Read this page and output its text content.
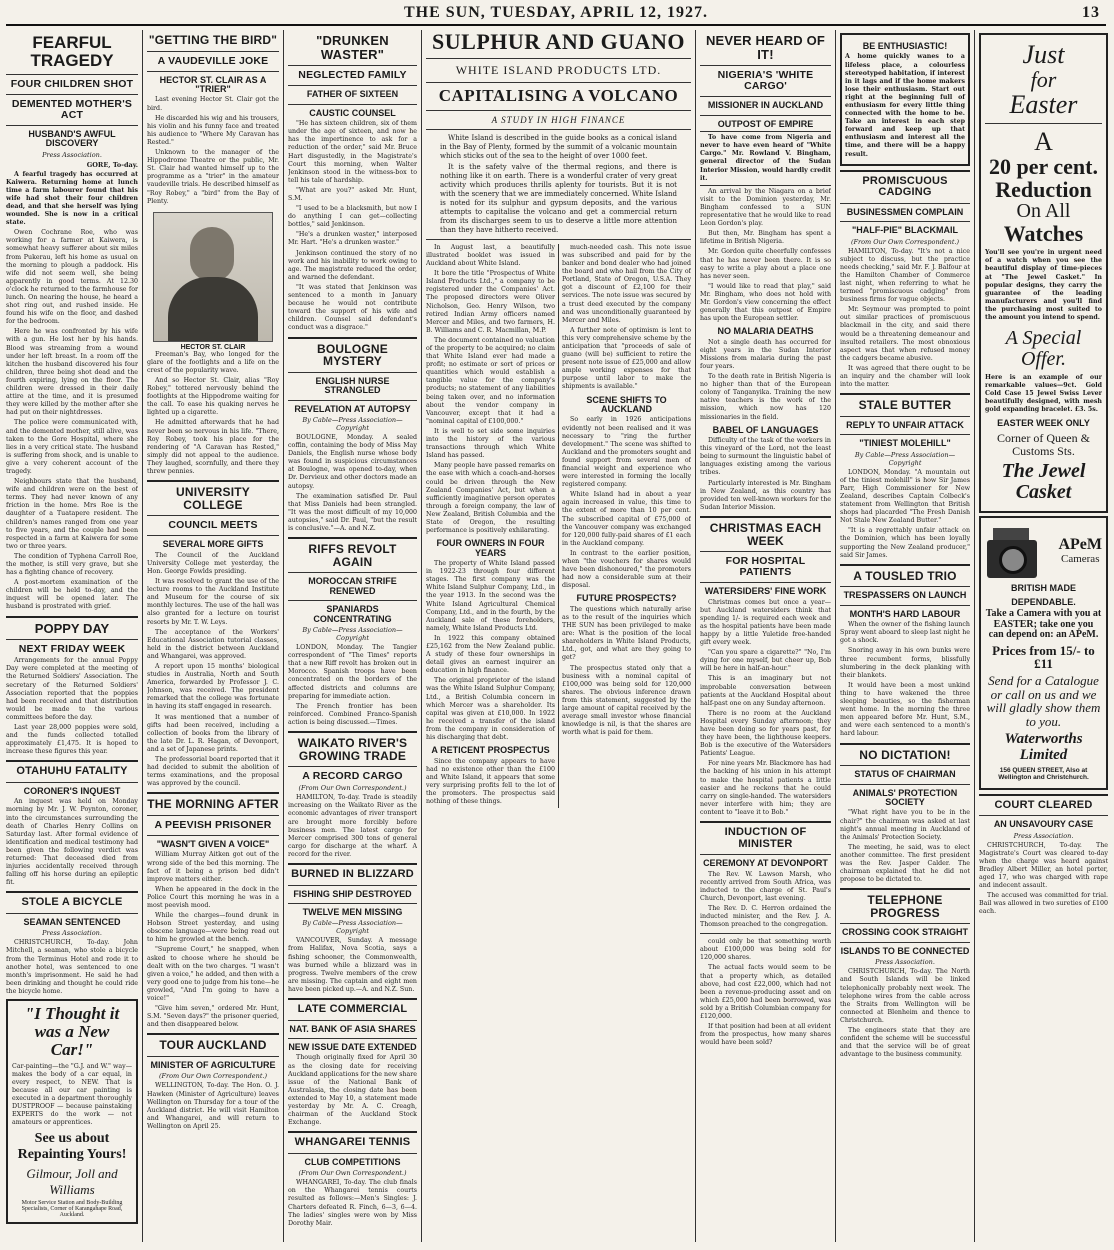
THE SUN, TUESDAY, APRIL 12, 1927.	13
FEARFUL TRAGEDY
FOUR CHILDREN SHOT
DEMENTED MOTHER'S ACT
HUSBAND'S AWFUL DISCOVERY
Press Association.
GORE, To-day.

A fearful tragedy has occurred at Kaiwera. Returning home at lunch time a farm labourer found that his wife had shot their four children dead, and that she herself was lying wounded. She is now in a critical state.

Owen Cochrane Roe, who was working for a farmer at Kaiwera, is somewhat heavy sufferer about six miles from Pukerau, left his home as usual on the morning to plough a paddock. His wife did not seem well, she being apparently in good terms. At 12.30 o'clock he returned to the farmhouse for lunch. On nearing the house, he heard a shot ring out, and rushed inside. He found his wife on the floor, and dashed for the bedroom.

Here he was confronted by his wife with a gun. He lost her by his hands. Blood was streaming from a wound under her left breast. In a room off the kitchen the husband discovered his four children, three being shot dead and the fourth expiring, lying on the floor. The children were dressed in their daily attire at the time, and it is presumed they were killed by the mother after she had put on their nightdresses.

The police were communicated with, and the demented mother, still alive, was taken to the Gore Hospital, where she lies in a very critical state. The husband is suffering from shock, and is unable to give a very coherent account of the tragedy.

Neighbours state that the husband, wife and children were on the best of terms. They had never known of any friction in the home. Mrs Roe is the daughter of a Tuatapere resident. The children's names ranged from one year to five years, and the couple had been respected in a farm at Kaiwera for some two or three years.

The condition of Typhena Carroll Roe, the mother, is still very grave, but she has a fighting chance of recovery.

A post-mortem examination of the children will be held to-day, and the inquest will be opened later. The husband is prostrated with grief.

POPPY DAY
NEXT FRIDAY WEEK

Arrangements for the annual Poppy Day were completed at the meeting of the Returned Soldiers' Association. The secretary of the Returned Soldiers' Association reported that the poppies had been received and that distribution would be made to the various committees before the day.

Last year 28,000 poppies were sold, and the funds collected totalled approximately £1,475. It is hoped to increase these figures this year.

OTAHUHU FATALITY
CORONER'S INQUEST

An inquest was held on Monday morning by Mr. J. W. Poynton, coroner, into the circumstances surrounding the death of Charles Henry Collins on Saturday last. After formal evidence of identification and medical testimony had been given the following verdict was returned: That deceased died from injuries accidentally received through falling off his horse during an epileptic fit.

STOLE A BICYCLE
SEAMAN SENTENCED
Press Association.

CHRISTCHURCH, To-day. John Mitchell, a seaman, who stole a bicycle from the Terminus Hotel and rode it to another hotel, was sentenced to one month's imprisonment. He said he had been drinking and thought he could ride the bicycle home.

"I Thought it was a New Car!"

Car-painting—the "G.J. and W." way—makes the body of a car equal, in every respect, to NEW. That is because all our car painting is executed in a department thoroughly DUSTPROOF — because painstaking EXPERTS do the work — not amateurs or apprentices.

See us about Repainting Yours!
Gilmour, Joll and Williams
Motor Service Station and Body-Building Specialists, Corner of Karangahape Road, Auckland.
"GETTING THE BIRD"
A VAUDEVILLE JOKE
HECTOR ST. CLAIR AS A "TRIER"

Last evening Hector St. Clair got the bird.

He discarded his wig and his trousers, his violin and his funny face and treated his audience to "Where My Caravan has Rested."

Unknown to the manager of the Hippodrome Theatre or the public, Mr. St. Clair had wanted himself up to the programme as a "trier" in the amateur vaudeville trials. He described himself as "Roy Robey," a "bird" from the Bay of Plenty.

HECTOR ST. CLAIR

Freeman's Bay, who longed for the glare of the footlights and a life on the crest of the popularity wave.

And so Hector St. Clair, alias "Roy Robey," tottered nervously behind the footlights at the Hippodrome waiting for the call. To ease his quaking nerves he lighted up a cigarette.

He admitted afterwards that he had never been so nervous in his life. "There, Roy Robey, took his place for the rendering of "A Caravan has Rested," simply did not appeal to the audience. They laughed, scornfully, and there they threw pennies.

UNIVERSITY COLLEGE
COUNCIL MEETS
SEVERAL MORE GIFTS

The Council of the Auckland University College met yesterday, the Hon. George Fowlds presiding.

It was resolved to grant the use of the lecture rooms to the Auckland Institute and Museum for the course of six monthly lectures. The use of the hall was also granted for a lecture on tourist resorts by Mr. T. W. Leys.

The acceptance of the Workers' Educational Association tutorial classes, held in the district between Auckland and Whangarei, was approved.

A report upon 15 months' biological studies in Australia, North and South America, forwarded by Professor J. C. Johnson, was received. The president remarked that the college was fortunate in having its staff engaged in research.

It was mentioned that a number of gifts had been received, including a collection of books from the library of the late Dr. L. R. Hagan, of Devonport, and a set of Japanese prints.

The professorial board reported that it had decided to submit the abolition of terms examinations, and the proposal was approved by the council.

THE MORNING AFTER
A PEEVISH PRISONER
"WASN'T GIVEN A VOICE"

William Murray Aitken got out of the wrong side of the bed this morning. The fact of it being a prison bed didn't improve matters either.

When he appeared in the dock in the Police Court this morning he was in a most peevish mood.

While the charges—found drunk in Hobson Street yesterday, and using obscene language—were being read out to him he growled at the bench.

"Supreme Court," he snapped, when asked to choose where he should be dealt with on the two charges. "I wasn't given a voice," he added, and then with a very good one to judge from his tone—he growled, "And I'm going to have a voice!"

"Give him seven," ordered Mr. Hunt, S.M. "Seven days?" the prisoner queried, and then disappeared below.

TOUR AUCKLAND
MINISTER OF AGRICULTURE
(From Our Own Correspondent.)

WELLINGTON, To-day. The Hon. O. J. Hawken (Minister of Agriculture) leaves Wellington on Thursday for a tour of the Auckland district. He will visit Hamilton and Whangarei, and will return to Wellington on April 25.

"DRUNKEN WASTER"
NEGLECTED FAMILY
FATHER OF SIXTEEN
CAUSTIC COUNSEL

"He has sixteen children, six of them under the age of sixteen, and now he has the impertinence to ask for a reduction of the order," said Mr. Bruce Hart disgustedly, in the Magistrate's Court this morning, when Walter Jenkinson stood in the witness-box to tell his tale of hardship.

"What are you?" asked Mr. Hunt, S.M.

"I used to be a blacksmith, but now I do anything I can get—collecting bottles," said Jenkinson.

"He's a drunken waster," interposed Mr. Hart. "He's a drunken waster."

Jenkinson continued the story of no work and his inability to work owing to age. The magistrate reduced the order, and warned the defendant.

"It was stated that Jenkinson was sentenced to a month in January because he would not contribute toward the support of his wife and children. Counsel said defendant's conduct was a disgrace."

BOULOGNE MYSTERY
ENGLISH NURSE STRANGLED
REVELATION AT AUTOPSY
By Cable—Press Association—Copyright

BOULOGNE, Monday. A sealed coffin, containing the body of Miss May Daniels, the English nurse whose body was found in suspicious circumstances at Boulogne, was opened to-day, when Dr. Dervieux and other doctors made an autopsy.

The examination satisfied Dr. Paul that Miss Daniels had been strangled. "It was the most difficult of my 10,000 autopsies," said Dr. Paul, "but the result is conclusive."—A. and N.Z.

RIFFS REVOLT AGAIN
MOROCCAN STRIFE RENEWED
SPANIARDS CONCENTRATING
By Cable—Press Association—Copyright

LONDON, Monday. The Tangier correspondent of "The Times" reports that a new Riff revolt has broken out in Morocco. Spanish troops have been concentrated on the borders of the affected districts and columns are preparing for immediate action.

The French frontier has been reinforced. Combined Franco-Spanish action is being discussed.—Times.

WAIKATO RIVER'S GROWING TRADE
A RECORD CARGO
(From Our Own Correspondent.)

HAMILTON, To-day. Trade is steadily increasing on the Waikato River as the economic advantages of river transport are brought more forcibly before business men. The latest cargo for Mercer comprised 300 tons of general cargo for discharge at the wharf. A record for the river.

BURNED IN BLIZZARD
FISHING SHIP DESTROYED
TWELVE MEN MISSING
By Cable—Press Association—Copyright

VANCOUVER, Sunday. A message from Halifax, Nova Scotia, says a fishing schooner, the Commonwealth, was burned while a blizzard was in progress. Twelve members of the crew are missing. The captain and eight men have been picked up.—A. and N.Z. Sun.

LATE COMMERCIAL
NAT. BANK OF ASIA SHARES
NEW ISSUE DATE EXTENDED

Though originally fixed for April 30 as the closing date for receiving Auckland applications for the new share issue of the National Bank of Australasia, the closing date has been extended to May 10, a statement made yesterday by Mr. A. C. Creagh, chairman of the Auckland Stock Exchange.

WHANGAREI TENNIS
CLUB COMPETITIONS
(From Our Own Correspondent.)

WHANGAREI, To-day. The club finals on the Whangarei tennis courts resulted as follows:—Men's Singles: J. Charters defeated R. Finch, 6—3, 6—4. The ladies' singles were won by Miss Dorothy Mair.

SULPHUR AND GUANO
WHITE ISLAND PRODUCTS LTD.
CAPITALISING A VOLCANO
A STUDY IN HIGH FINANCE

White Island is described in the guide books as a conical island in the Bay of Plenty, formed by the summit of a volcanic mountain which sticks out of the sea to the height of over 1000 feet.

It is the safety valve of the thermal regions, and there is nothing like it on earth. There is a wonderful crater of very great activity which produces thrills aplenty for tourists. But it is not with the scenery that we are immediately concerned. White Island is noted for its sulphur and gypsum deposits, and the various attempts to capitalise the volcano and get a commercial return from its discharges seem to us to deserve a little more attention than they have hitherto received.

In August last, a beautifully illustrated booklet was issued in Auckland about White Island.

It bore the title "Prospectus of White Island Products Ltd.," a company to be registered under the Companies' Act. The proposed directors were Oliver Nicholson, Geo. Henry Wilson, two retired Indian Army officers named Mercer and Miles, and two farmers, H. B. Williams and C. R. Macmillan, M.P.

The document contained no valuation of the property to be acquired; no claim that White Island ever had made a profit; no estimate or sort of prices or quantities which would establish a tangible value for the company's products; no statement of any liabilities being taken over, and no information about the vendor company in Vancouver, except that it had a "nominal capital of £100,000."

It is well to set side some inquiries into the history of the various transactions through which White Island has passed.

Many people have passed remarks on the ease with which a coach-and-horses could be driven through the New Zealand Companies' Act, but when a sufficiently imaginative person operates through a foreign company, the law of New Zealand, British Columbia and the State of Oregon, the resulting performance is positively exhilarating.

FOUR OWNERS IN FOUR YEARS

The property of White Island passed in 1922-23 through four different stages. The first company was the White Island Sulphur Company, Ltd., in the year 1913. In the second was the White Island Agricultural Chemical Company, Ltd., and in the fourth, by the Auckland sale of these foreholders, namely, White Island Products Ltd.

In 1922 this company obtained £25,162 from the New Zealand public. A study of these four ownerships in detail gives an earnest inquirer an education in high finance.

The original proprietor of the island was the White Island Sulphur Company, Ltd., a British Columbia concern in which Mercer was a shareholder. Its capital was given at £10,000. In 1922 he received a transfer of the island from the company in consideration of his discharging that debt.

A RETICENT PROSPECTUS

Since the company appears to have had no existence other than the £100 and White Island, it appears that some very surprising profits fell to the lot of the promoters. The prospectus said nothing of these things.

much-needed cash. This note issue was subscribed and paid for by the banker and bond dealer who had joined the board and who hail from the City of Portland, State of Oregon, U.S.A. They got a discount of £2,100 for their services. The note issue was secured by a trust deed executed by the company and was unconditionally guaranteed by Mercer and Miles.

A further note of optimism is lent to this very comprehensive scheme by the anticipation that "proceeds of sale of guano (will be) sufficient to retire the present note issue of £25,000 and allow ample working expenses for that purpose until labor to make the shipments is available."

SCENE SHIFTS TO AUCKLAND

So early in 1926 anticipations evidently not been realised and it was necessary to "ring the further development." The scene was shifted to Auckland and the promoters sought and found support from several men of financial weight and experience who were interested in forming the locally registered company.

White Island had in about a year again increased in value, this time to the extent of more than 10 per cent. The subscribed capital of £75,000 of the Vancouver company was exchanged for 120,000 fully-paid shares of £1 each in the Auckland company.

In contrast to the earlier position, when "the vouchers for shares would have been dishonoured," the promoters had now a considerable sum at their disposal.

FUTURE PROSPECTS?

The questions which naturally arise as to the result of the inquiries which THE SUN has been privileged to make are: What is the position of the local shareholders in White Island Products, Ltd., got, and what are they going to get?

The prospectus stated only that a business with a nominal capital of £100,000 was being sold for 120,000 shares. The obvious inference drawn from this statement, suggested by the large amount of capital received by the average small investor whose financial knowledge is nil, is that the shares are worth what is paid for them.

NEVER HEARD OF IT!
NIGERIA'S 'WHITE CARGO'
MISSIONER IN AUCKLAND
OUTPOST OF EMPIRE

To have come from Nigeria and never to have even heard of "White Cargo." Mr. Rowland V. Bingham, general director of the Sudan Interior Mission, would hardly credit it.

An arrival by the Niagara on a brief visit to the Dominion yesterday, Mr. Bingham confessed to a SUN representative that he would like to read Leon Gordon's play.

But then, Mr. Bingham has spent a lifetime in British Nigeria.

Mr. Gordon quite cheerfully confesses that he has never been there. It is so easy to write a play about a place one has never seen.

"I would like to read that play," said Mr. Bingham, who does not hold with Mr. Gordon's view concerning the effect generally that this outpost of Empire has upon the European settler.

NO MALARIA DEATHS

Not a single death has occurred for eight years in the Sudan Interior Missions from malaria during the past four years.

To the death rate in British Nigeria is no higher than that of the European colony of Tanganyika. Training the new native teachers is the work of the mission, which now has 120 missionaries in the field.

BABEL OF LANGUAGES

Difficulty of the task of the workers in this vineyard of the Lord, not the least being to surmount the linguistic babel of languages existing among the various tribes.

Particularly interested is Mr. Bingham in New Zealand, as this country has provided ten well-known workers for the Sudan Interior Mission.

CHRISTMAS EACH WEEK
FOR HOSPITAL PATIENTS
WATERSIDERS' FINE WORK

Christmas comes but once a year—but Auckland watersiders think that spending 1/- is required each week and as the hospital patients have been made happy by a little Yuletide free-handed gift every week.

"Can you spare a cigarette?" "No, I'm dying for one myself, but cheer up, Bob will be here in half-an-hour."

This is an imaginary but not improbable conversation between patients at the Auckland Hospital about half-past one on any Sunday afternoon.

There is no room at the Auckland Hospital every Sunday afternoon; they have been doing so for years past, for they have been, the lighthouse keepers. Bob is the executive of the Watersiders Patients' League.

For nine years Mr. Blackmore has had the backing of his union in his attempt to make the hospital patients a little easier and he reckons that he could carry on single-handed. The watersiders never interfere with him; they are content to "leave it to Bob."

INDUCTION OF MINISTER
CEREMONY AT DEVONPORT

The Rev. W. Lawson Marsh, who recently arrived from South Africa, was inducted to the charge of St. Paul's Church, Devonport, last evening.

The Rev. D. C. Herron ordained the inducted minister, and the Rev. J. A. Thomson preached to the congregation.

could only be that something worth about £100,000 was being sold for 120,000 shares.

The actual facts would seem to be that a property which, as detailed above, had cost £22,000, which had not been a revenue-producing asset and on which £25,000 had been borrowed, was sold by a British Columbian company for £120,000.

If that position had been at all evident from the prospectus, how many shares would have been sold?

BE ENTHUSIASTIC!

A home quickly wanes to a lifeless place, a colourless stereotyped habitation, if interest in it lags and if the home makers lose their enthusiasm. Start out right at the beginning full of enthusiasm for every little thing connected with the home to be. Take an interest in each step forward and keep up that enthusiasm and interest all the time, and there will be a happy result.

PROMISCUOUS CADGING
BUSINESSMEN COMPLAIN
"HALF-PIE" BLACKMAIL
(From Our Own Correspondent.)

HAMILTON, To-day. "It's not a nice subject to discuss, but the practice needs checking," said Mr. F. J. Balfour at the Hamilton Chamber of Commerce last night, when referring to what he termed "promiscuous cadging" from business firms for vague objects.

Mr. Seymour was prompted to point out similar practices of promiscuous blackmail in the city, and said there would be a threatening demeanour and insulted retailers. The most obnoxious aspect was that when refused money the cadgers became abusive.

It was agreed that there ought to be an inquiry and the chamber will look into the matter.

STALE BUTTER
REPLY TO UNFAIR ATTACK
"TINIEST MOLEHILL"
By Cable—Press Association—Copyright

LONDON, Monday. "A mountain out of the tiniest molehill" is how Sir James Parr, High Commissioner for New Zealand, describes Captain Colbeck's statement from Wellington that British shops had placarded "The Fresh Danish Not Stale New Zealand Butter."

"It is a regrettably unfair attack on the Dominion, which has been loyally supporting the New Zealand producer," said Sir James.

A TOUSLED TRIO
TRESPASSERS ON LAUNCH
MONTH'S HARD LABOUR

When the owner of the fishing launch Spray went aboard to sleep last night he got a shock.

Snoring away in his own bunks were three recumbent forms, blissfully slumbering in the deck planking with their blankets.

It would have been a most unkind thing to have wakened the three sleeping beauties, so the fisherman went home. In the morning the three men appeared before Mr. Hunt, S.M., and were each sentenced to a month's hard labour.

NO DICTATION!
STATUS OF CHAIRMAN
ANIMALS' PROTECTION SOCIETY

"What right have you to be in the chair?" the chairman was asked at last night's annual meeting in Auckland of the Animals' Protection Society.

The meeting, he said, was to elect another committee. The first president was the Rev. Jasper Calder. The chairman explained that he did not propose to be dictated to.

TELEPHONE PROGRESS
CROSSING COOK STRAIGHT
ISLANDS TO BE CONNECTED
Press Association.

CHRISTCHURCH, To-day. The North and South Islands will be linked telephonically probably next week. The telephone wires from the cable across the Straits from Wellington will be connected at Blenheim and thence to Christchurch.

The engineers state that they are confident the scheme will be successful and that the service will be of great advantage to the business community.

Just
for
Easter
A
20 per cent.
Reduction
On All
Watches

You'll see you're in urgent need of a watch when you see the beautiful display of time-pieces at "The Jewel Casket." In popular designs, they carry the guarantee of the leading manufacturers and you'll find the purchasing most suited to the amount you intend to spend.

A Special Offer.

Here is an example of our remarkable values—9ct. Gold Cold Case 15 Jewel Swiss Lever beautifully designed, with mesh gold expanding bracelet. £3. 5s.

EASTER WEEK ONLY
Corner of Queen & Customs Sts.
The Jewel Casket
APeM
Cameras
BRITISH MADE
DEPENDABLE.
Take a Camera with you at EASTER; take one you can depend on: an APeM.
Prices from 15/- to £11
Send for a Catalogue or call on us and we will gladly show them to you.
Waterworths Limited
156 QUEEN STREET, Also at Wellington and Christchurch.
COURT CLEARED
AN UNSAVOURY CASE
Press Association.

CHRISTCHURCH, To-day. The Magistrate's Court was cleared to-day when the charge was heard against Bradley Albert Miller, an hotel porter, aged 17, who was charged with rape and indecent assault.

The accused was committed for trial. Bail was allowed in two sureties of £100 each.
